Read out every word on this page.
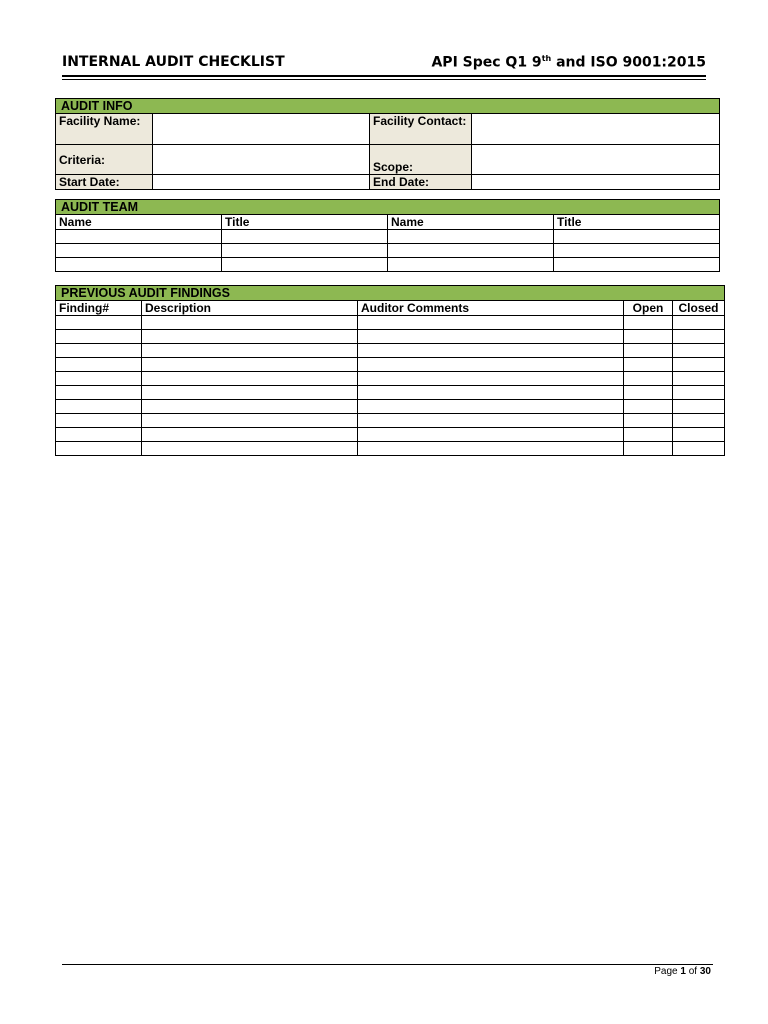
INTERNAL AUDIT CHECKLIST	API Spec Q1 9th and ISO 9001:2015
AUDIT INFO			
Facility Name:		Facility Contact:	
Criteria:		Scope:	
Start Date:		End Date:	
AUDIT TEAM			
Name	Title	Name	Title

PREVIOUS AUDIT FINDINGS				
Finding#	Description	Auditor Comments	Open	Closed

Page 1 of 30
